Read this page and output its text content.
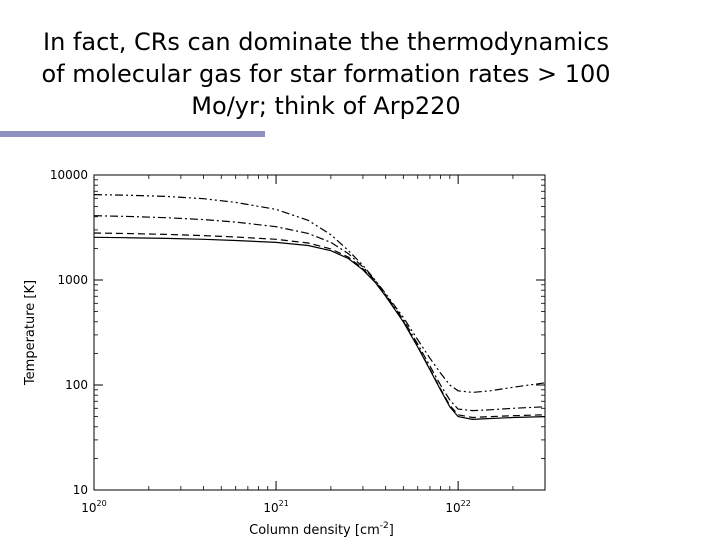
In fact, CRs can dominate the thermodynamics
of molecular gas for star formation rates > 100
Mo/yr; think of Arp220
$10^{20}$	$10^{21}$	$10^{22}$
10
100
1000
10000
Column density $[cm^{-2}]$
Temperature [K]
